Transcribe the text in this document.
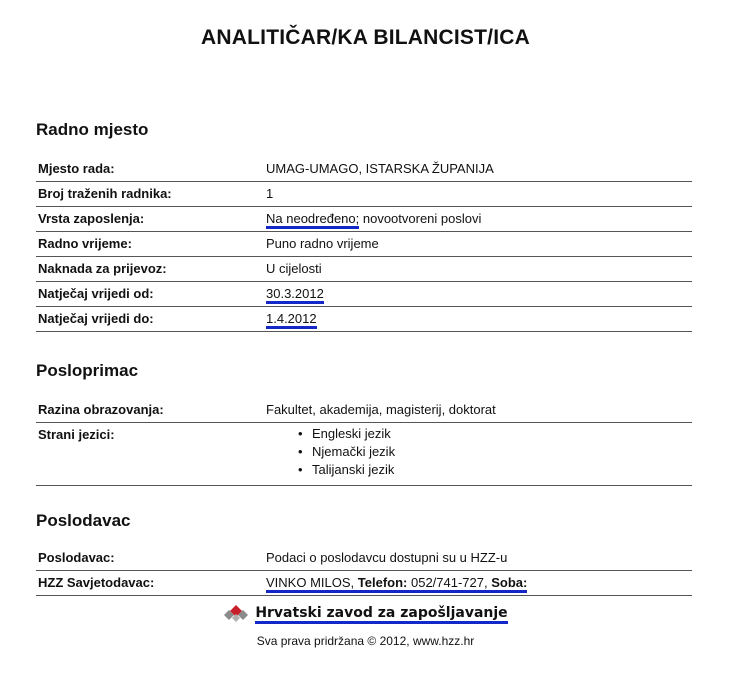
ANALITIČAR/KA BILANCIST/ICA
Radno mjesto
Mjesto rada:	UMAG-UMAGO, ISTARSKA ŽUPANIJA
Broj traženih radnika:	1
Vrsta zaposlenja:	Na neodređeno; novootvoreni poslovi
Radno vrijeme:	Puno radno vrijeme
Naknada za prijevoz:	U cijelosti
Natječaj vrijedi od:	30.3.2012
Natječaj vrijedi do:	1.4.2012
Posloprimac
Razina obrazovanja:	Fakultet, akademija, magisterij, doktorat
Strani jezici:
•	Engleski jezik
• Njemački jezik
• Talijanski jezik
Poslodavac
Poslodavac:	Podaci o poslodavcu dostupni su u HZZ-u
HZZ Savjetodavac:	VINKO MILOS, Telefon: 052/741-727, Soba:
Hrvatski zavod za zapošljavanje
Sva prava pridržana © 2012, www.hzz.hr
